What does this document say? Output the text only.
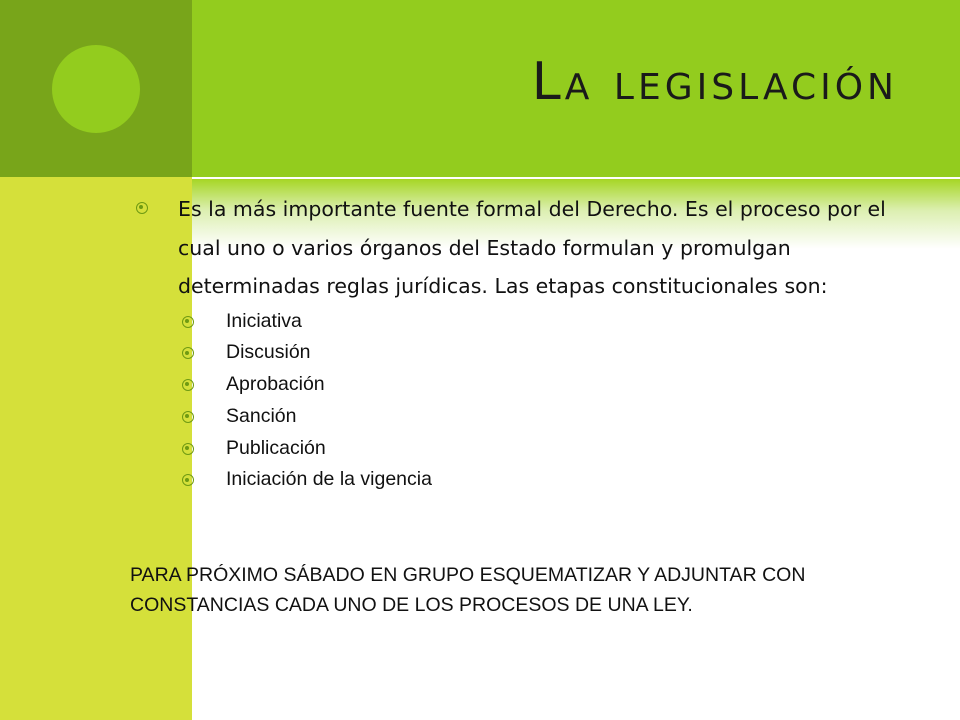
La legislación

Es la más importante fuente formal del Derecho. Es el proceso por el cual uno o varios órganos del Estado formulan y promulgan determinadas reglas jurídicas. Las etapas constitucionales son:

Iniciativa
Discusión
Aprobación
Sanción
Publicación
Iniciación de la vigencia

PARA PRÓXIMO SÁBADO EN GRUPO ESQUEMATIZAR Y ADJUNTAR CON
CONSTANCIAS CADA UNO DE LOS PROCESOS DE UNA LEY.
